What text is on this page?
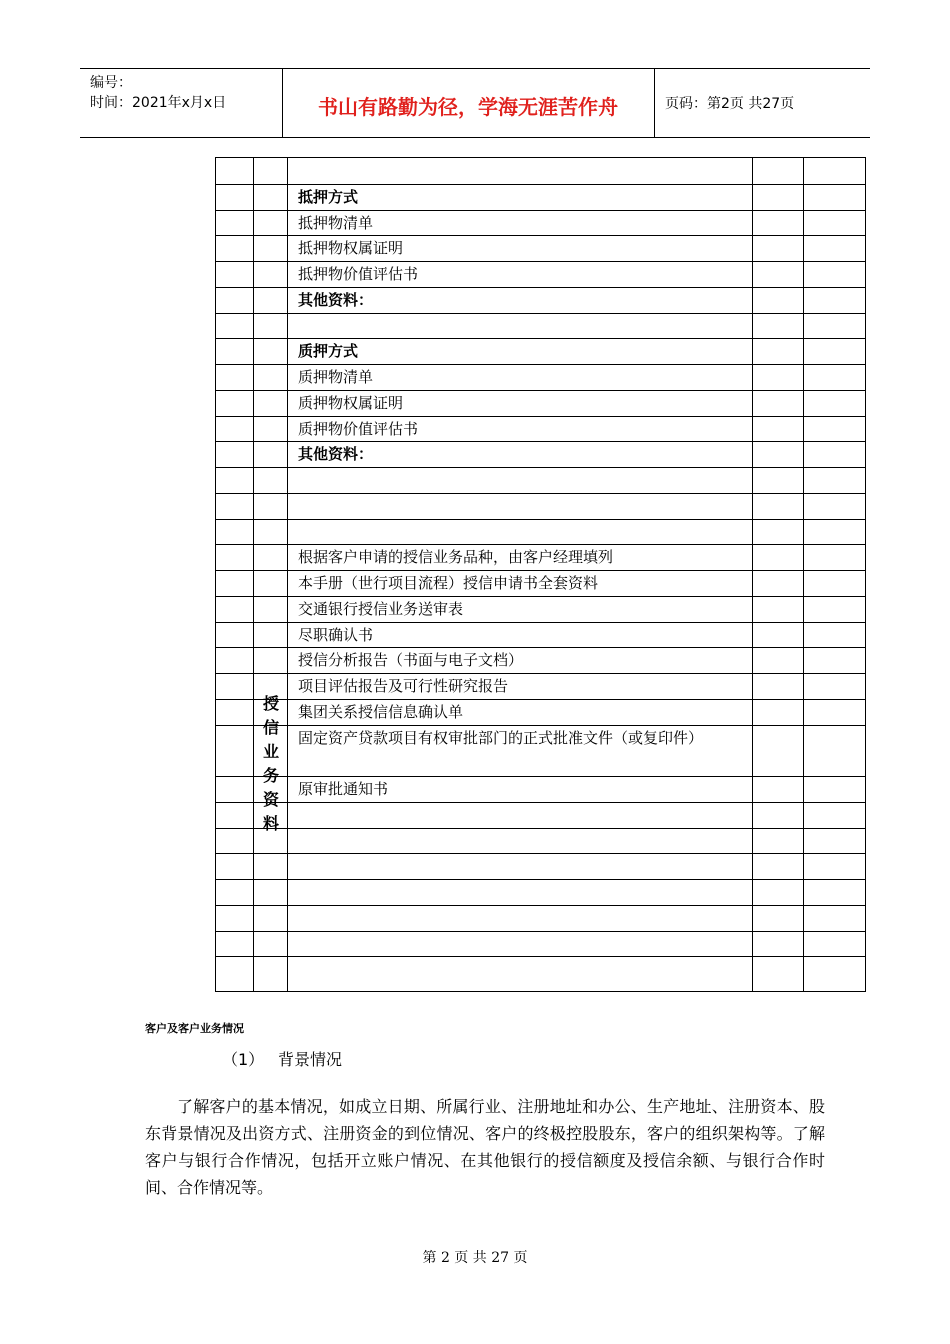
编号：
时间：2021年x月x日	书山有路勤为径，学海无涯苦作舟	页码：第2页 共27页
抵押方式
抵押物清单
抵押物权属证明
抵押物价值评估书
其他资料：
质押方式
质押物清单
质押物权属证明
质押物价值评估书
其他资料：
根据客户申请的授信业务品种，由客户经理填列
本手册（世行项目流程）授信申请书全套资料
交通银行授信业务送审表
尽职确认书
授信分析报告（书面与电子文档）
项目评估报告及可行性研究报告
集团关系授信信息确认单
固定资产贷款项目有权审批部门的正式批准文件（或复印件）
原审批通知书
授
信
业
务
资
料
客户及客户业务情况
（1） 背景情况
了解客户的基本情况，如成立日期、所属行业、注册地址和办公、生产地址、注册资本、股东背景情况及出资方式、注册资金的到位情况、客户的终极控股股东，客户的组织架构等。了解客户与银行合作情况，包括开立账户情况、在其他银行的授信额度及授信余额、与银行合作时间、合作情况等。
第 2 页 共 27 页
